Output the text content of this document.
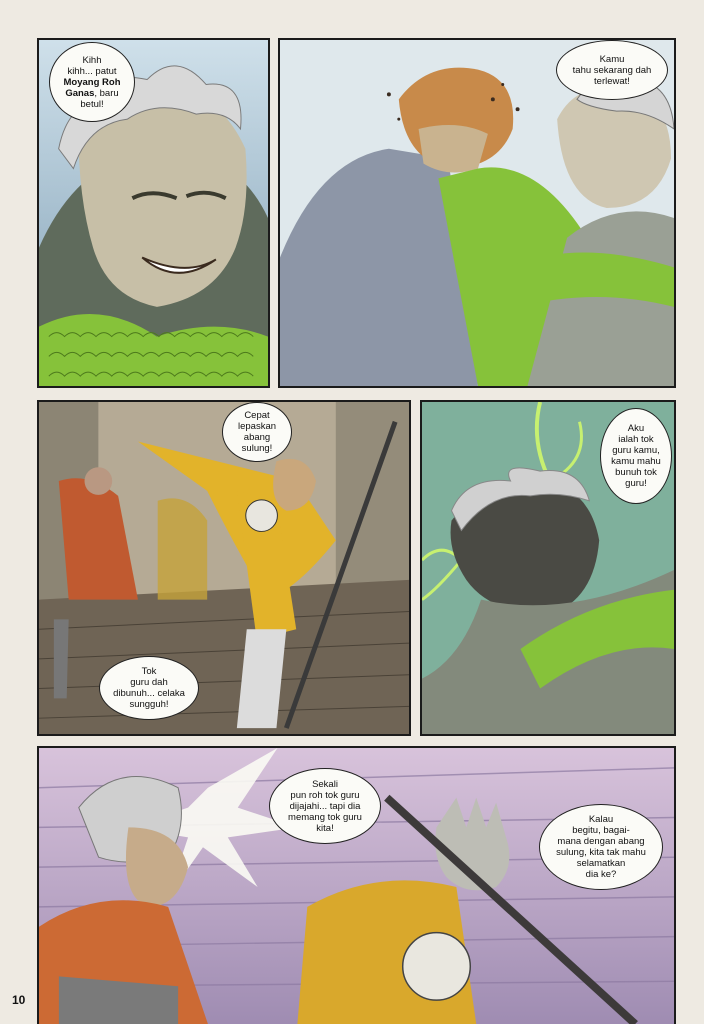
Kihh
kihh... patut
Moyang Roh
Ganas, baru
betul!
Kamu
tahu sekarang dah
terlewat!
Cepat
lepaskan
abang
sulung!
Tok
guru dah
dibunuh... celaka
sungguh!
Aku
ialah tok
guru kamu,
kamu mahu
bunuh tok
guru!
Sekali
pun roh tok guru
dijajahi... tapi dia
memang tok guru
kita!
Kalau
begitu, bagai-
mana dengan abang
sulung, kita tak mahu
selamatkan
dia ke?
10
